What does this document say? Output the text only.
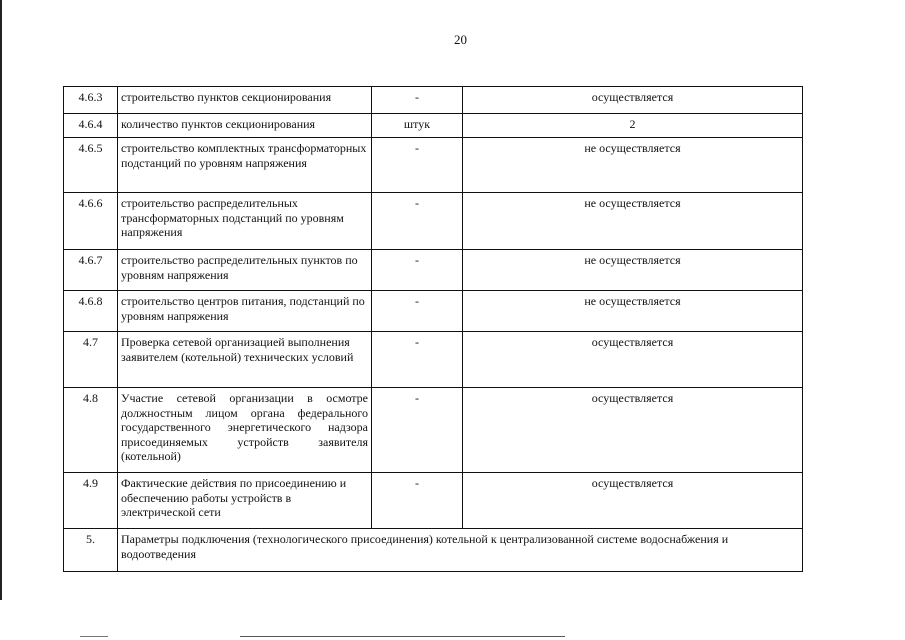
20
4.6.3	строительство пунктов секционирования	-	осуществляется
4.6.4	количество пунктов секционирования	штук	2
4.6.5	строительство комплектных трансформаторных подстанций по уровням напряжения	-	не осуществляется
4.6.6	строительство распределительных трансформаторных подстанций по уровням напряжения	-	не осуществляется
4.6.7	строительство распределительных пунктов по уровням напряжения	-	не осуществляется
4.6.8	строительство центров питания, подстанций по уровням напряжения	-	не осуществляется
4.7	Проверка сетевой организацией выполнения заявителем (котельной) технических условий	-	осуществляется
4.8	Участие сетевой организации в осмотре должностным лицом органа федерального государственного энергетического надзора присоединяемых устройств заявителя (котельной)	-	осуществляется
4.9	Фактические действия по присоединению и обеспечению работы устройств в электрической сети	-	осуществляется
5.	Параметры подключения (технологического присоединения) котельной к централизованной системе водоснабжения и водоотведения		
